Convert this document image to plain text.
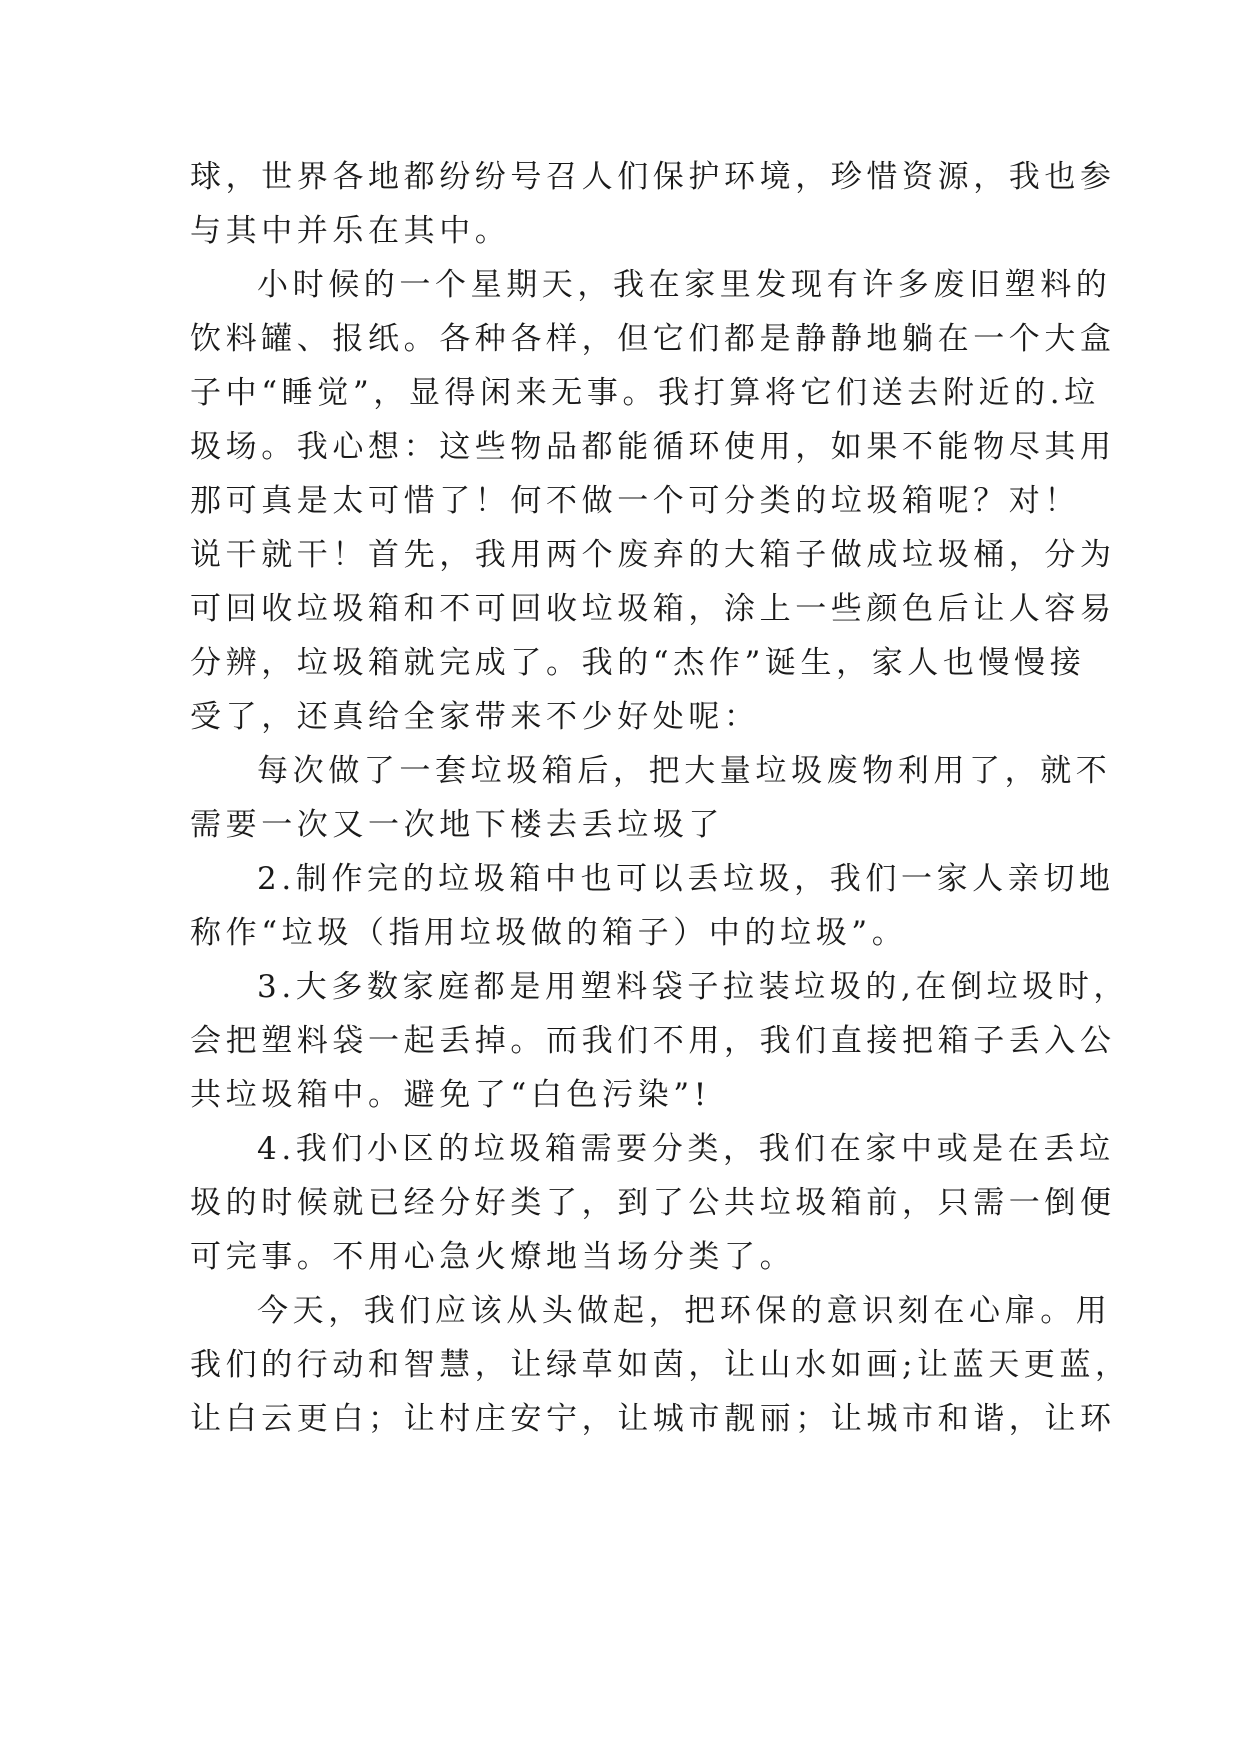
球，世界各地都纷纷号召人们保护环境，珍惜资源，我也参
与其中并乐在其中。
小时候的一个星期天，我在家里发现有许多废旧塑料的
饮料罐、报纸。各种各样，但它们都是静静地躺在一个大盒
子中“睡觉”，显得闲来无事。我打算将它们送去附近的.垃
圾场。我心想：这些物品都能循环使用，如果不能物尽其用
那可真是太可惜了！何不做一个可分类的垃圾箱呢？对！
说干就干！首先，我用两个废弃的大箱子做成垃圾桶，分为
可回收垃圾箱和不可回收垃圾箱，涂上一些颜色后让人容易
分辨，垃圾箱就完成了。我的“杰作”诞生，家人也慢慢接
受了，还真给全家带来不少好处呢：
每次做了一套垃圾箱后，把大量垃圾废物利用了，就不
需要一次又一次地下楼去丢垃圾了
2.制作完的垃圾箱中也可以丢垃圾，我们一家人亲切地
称作“垃圾（指用垃圾做的箱子）中的垃圾”。
3.大多数家庭都是用塑料袋子拉装垃圾的,在倒垃圾时，
会把塑料袋一起丢掉。而我们不用，我们直接把箱子丢入公
共垃圾箱中。避免了“白色污染”!
4.我们小区的垃圾箱需要分类，我们在家中或是在丢垃
圾的时候就已经分好类了，到了公共垃圾箱前，只需一倒便
可完事。不用心急火燎地当场分类了。
今天，我们应该从头做起，把环保的意识刻在心扉。用
我们的行动和智慧，让绿草如茵，让山水如画;让蓝天更蓝，
让白云更白；让村庄安宁，让城市靓丽；让城市和谐，让环
